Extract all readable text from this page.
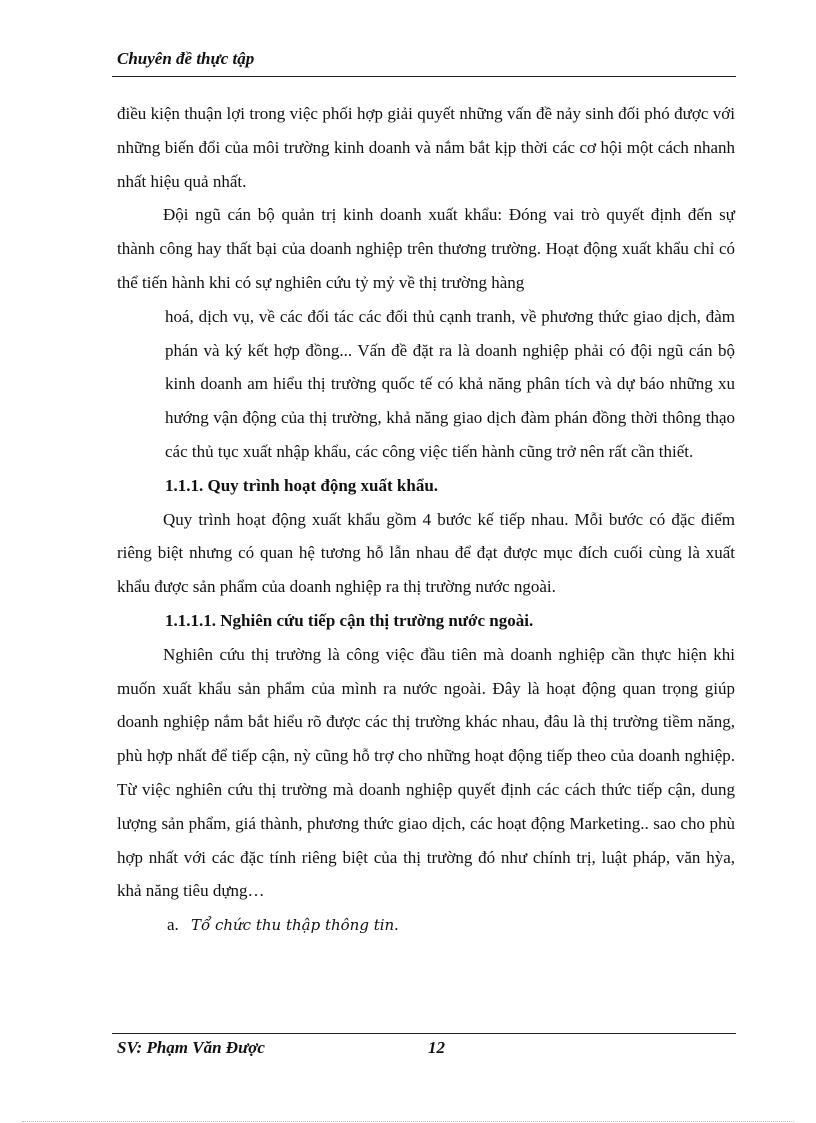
Chuyên đề thực tập

điều kiện thuận lợi trong việc phối hợp giải quyết những vấn đề nảy sinh đối phó được với những biến đổi của môi trường kinh doanh và nắm bắt kịp thời các cơ hội một cách nhanh nhất hiệu quả nhất.

Đội ngũ cán bộ quản trị kinh doanh xuất khẩu: Đóng vai trò quyết định đến sự thành công hay thất bại của doanh nghiệp trên thương trường. Hoạt động xuất khẩu chỉ có thể tiến hành khi có sự nghiên cứu tỷ mỷ về thị trường hàng

hoá, dịch vụ, về các đối tác các đối thủ cạnh tranh, về phương thức giao dịch, đàm phán và ký kết hợp đồng... Vấn đề đặt ra là doanh nghiệp phải có đội ngũ cán bộ kinh doanh am hiểu thị trường quốc tế có khả năng phân tích và dự báo những xu hướng vận động của thị trường, khả năng giao dịch đàm phán đồng thời thông thạo các thủ tục xuất nhập khẩu, các công việc tiến hành cũng trở nên rất cần thiết.

1.1.1. Quy trình hoạt động xuất khẩu.

Quy trình hoạt động xuất khẩu gồm 4 bước kế tiếp nhau. Mỗi bước có đặc điểm riêng biệt nhưng có quan hệ tương hỗ lẫn nhau để đạt được mục đích cuối cùng là xuất khẩu được sản phẩm của doanh nghiệp ra thị trường nước ngoài.

1.1.1.1. Nghiên cứu tiếp cận thị trường nước ngoài.

Nghiên cứu thị trường là công việc đầu tiên mà doanh nghiệp cần thực hiện khi muốn xuất khẩu sản phẩm của mình ra nước ngoài. Đây là hoạt động quan trọng giúp doanh nghiệp nắm bắt hiểu rõ được các thị trường khác nhau, đâu là thị trường tiềm năng, phù hợp nhất để tiếp cận, nỳ cũng hỗ trợ cho những hoạt động tiếp theo của doanh nghiệp. Từ việc nghiên cứu thị trường mà doanh nghiệp quyết định các cách thức tiếp cận, dung lượng sản phẩm, giá thành, phương thức giao dịch, các hoạt động Marketing.. sao cho phù hợp nhất với các đặc tính riêng biệt của thị trường đó như chính trị, luật pháp, văn hỳa, khả năng tiêu dựng…

a. Tổ chức thu thập thông tin.

SV: Phạm Văn Được	12
